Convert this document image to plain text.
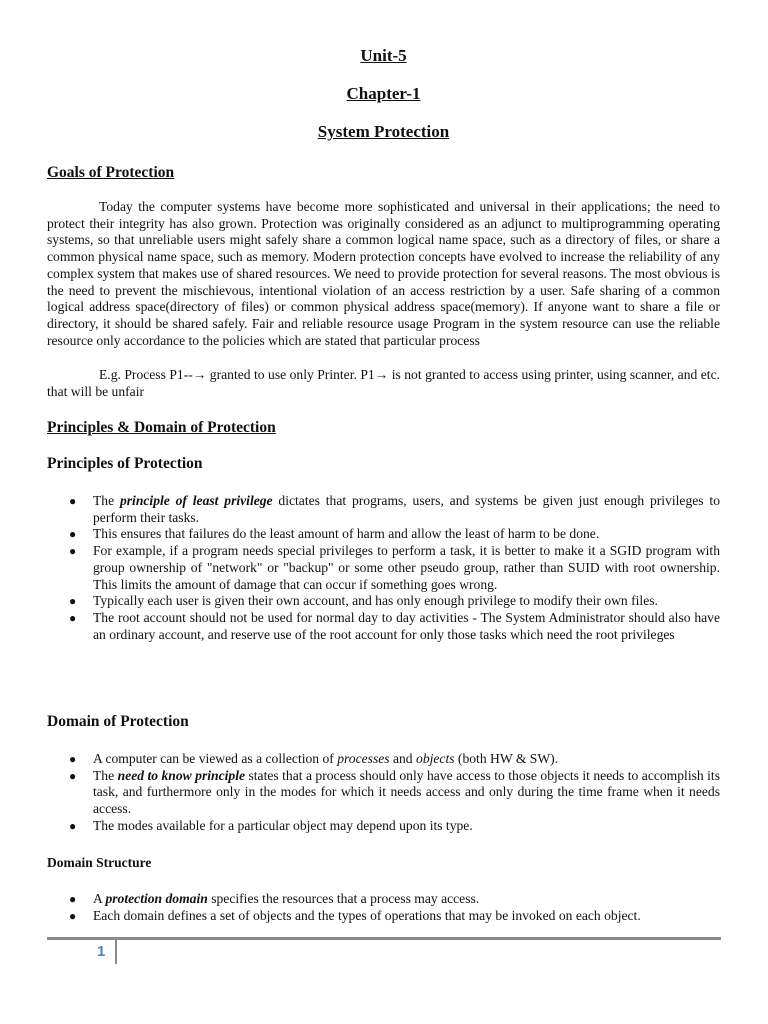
Unit-5
Chapter-1
System Protection
Goals of Protection

Today the computer systems have become more sophisticated and universal in their applications; the need to protect their integrity has also grown. Protection was originally considered as an adjunct to multiprogramming operating systems, so that unreliable users might safely share a common logical name space, such as a directory of files, or share a common physical name space, such as memory. Modern protection concepts have evolved to increase the reliability of any complex system that makes use of shared resources. We need to provide protection for several reasons. The most obvious is the need to prevent the mischievous, intentional violation of an access restriction by a user. Safe sharing of a common logical address space(directory of files) or common physical address space(memory). If anyone want to share a file or directory, it should be shared safely. Fair and reliable resource usage Program in the system resource can use the reliable resource only accordance to the policies which are stated that particular process

E.g. Process P1--→ granted to use only Printer. P1→ is not granted to access using printer, using scanner, and etc. that will be unfair

Principles & Domain of Protection
Principles of Protection
● The principle of least privilege dictates that programs, users, and systems be given just enough privileges to perform their tasks.
● This ensures that failures do the least amount of harm and allow the least of harm to be done.
● For example, if a program needs special privileges to perform a task, it is better to make it a SGID program with group ownership of "network" or "backup" or some other pseudo group, rather than SUID with root ownership. This limits the amount of damage that can occur if something goes wrong.
● Typically each user is given their own account, and has only enough privilege to modify their own files.
● The root account should not be used for normal day to day activities - The System Administrator should also have an ordinary account, and reserve use of the root account for only those tasks which need the root privileges
Domain of Protection
● A computer can be viewed as a collection of processes and objects (both HW & SW).
● The need to know principle states that a process should only have access to those objects it needs to accomplish its task, and furthermore only in the modes for which it needs access and only during the time frame when it needs access.
● The modes available for a particular object may depend upon its type.
Domain Structure
● A protection domain specifies the resources that a process may access.
● Each domain defines a set of objects and the types of operations that may be invoked on each object.
1
